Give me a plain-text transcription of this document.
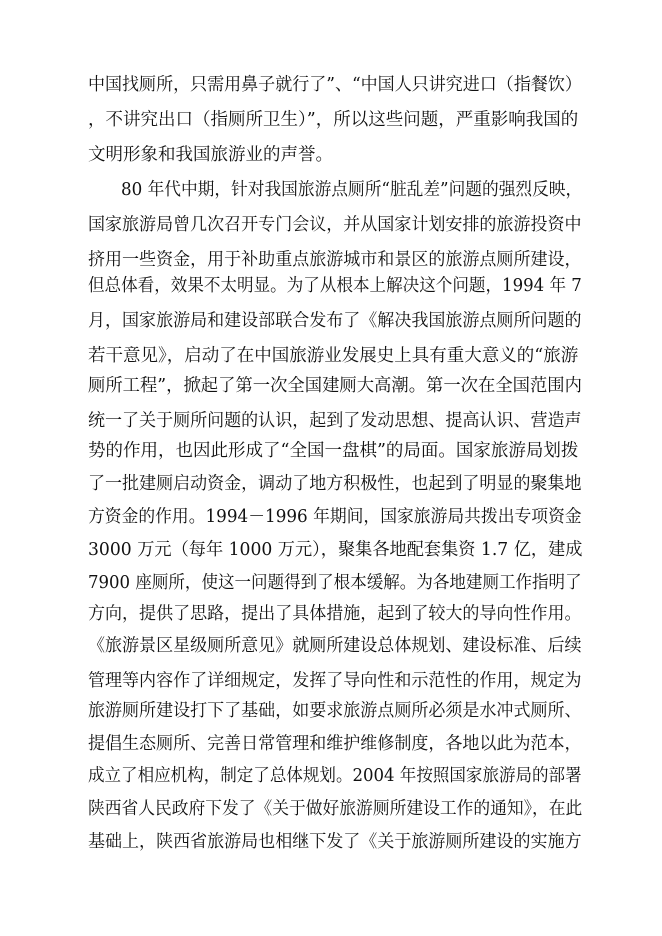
中国找厕所，只需用鼻子就行了”、“中国人只讲究进口（指餐饮）
，不讲究出口（指厕所卫生）”，所以这些问题，严重影响我国的
文明形象和我国旅游业的声誉。
80 年代中期，针对我国旅游点厕所“脏乱差”问题的强烈反映，
国家旅游局曾几次召开专门会议，并从国家计划安排的旅游投资中
挤用一些资金，用于补助重点旅游城市和景区的旅游点厕所建设，
但总体看，效果不太明显。为了从根本上解决这个问题，1994 年 7
月，国家旅游局和建设部联合发布了《解决我国旅游点厕所问题的
若干意见》，启动了在中国旅游业发展史上具有重大意义的“旅游
厕所工程”，掀起了第一次全国建厕大高潮。第一次在全国范围内
统一了关于厕所问题的认识，起到了发动思想、提高认识、营造声
势的作用，也因此形成了“全国一盘棋”的局面。国家旅游局划拨
了一批建厕启动资金，调动了地方积极性，也起到了明显的聚集地
方资金的作用。1994－1996 年期间，国家旅游局共拨出专项资金
3000 万元（每年 1000 万元），聚集各地配套集资 1.7 亿，建成
7900 座厕所，使这一问题得到了根本缓解。为各地建厕工作指明了
方向，提供了思路，提出了具体措施，起到了较大的导向性作用。
《旅游景区星级厕所意见》就厕所建设总体规划、建设标准、后续
管理等内容作了详细规定，发挥了导向性和示范性的作用，规定为
旅游厕所建设打下了基础，如要求旅游点厕所必须是水冲式厕所、
提倡生态厕所、完善日常管理和维护维修制度，各地以此为范本，
成立了相应机构，制定了总体规划。2004 年按照国家旅游局的部署
陕西省人民政府下发了《关于做好旅游厕所建设工作的通知》，在此
基础上，陕西省旅游局也相继下发了《关于旅游厕所建设的实施方
